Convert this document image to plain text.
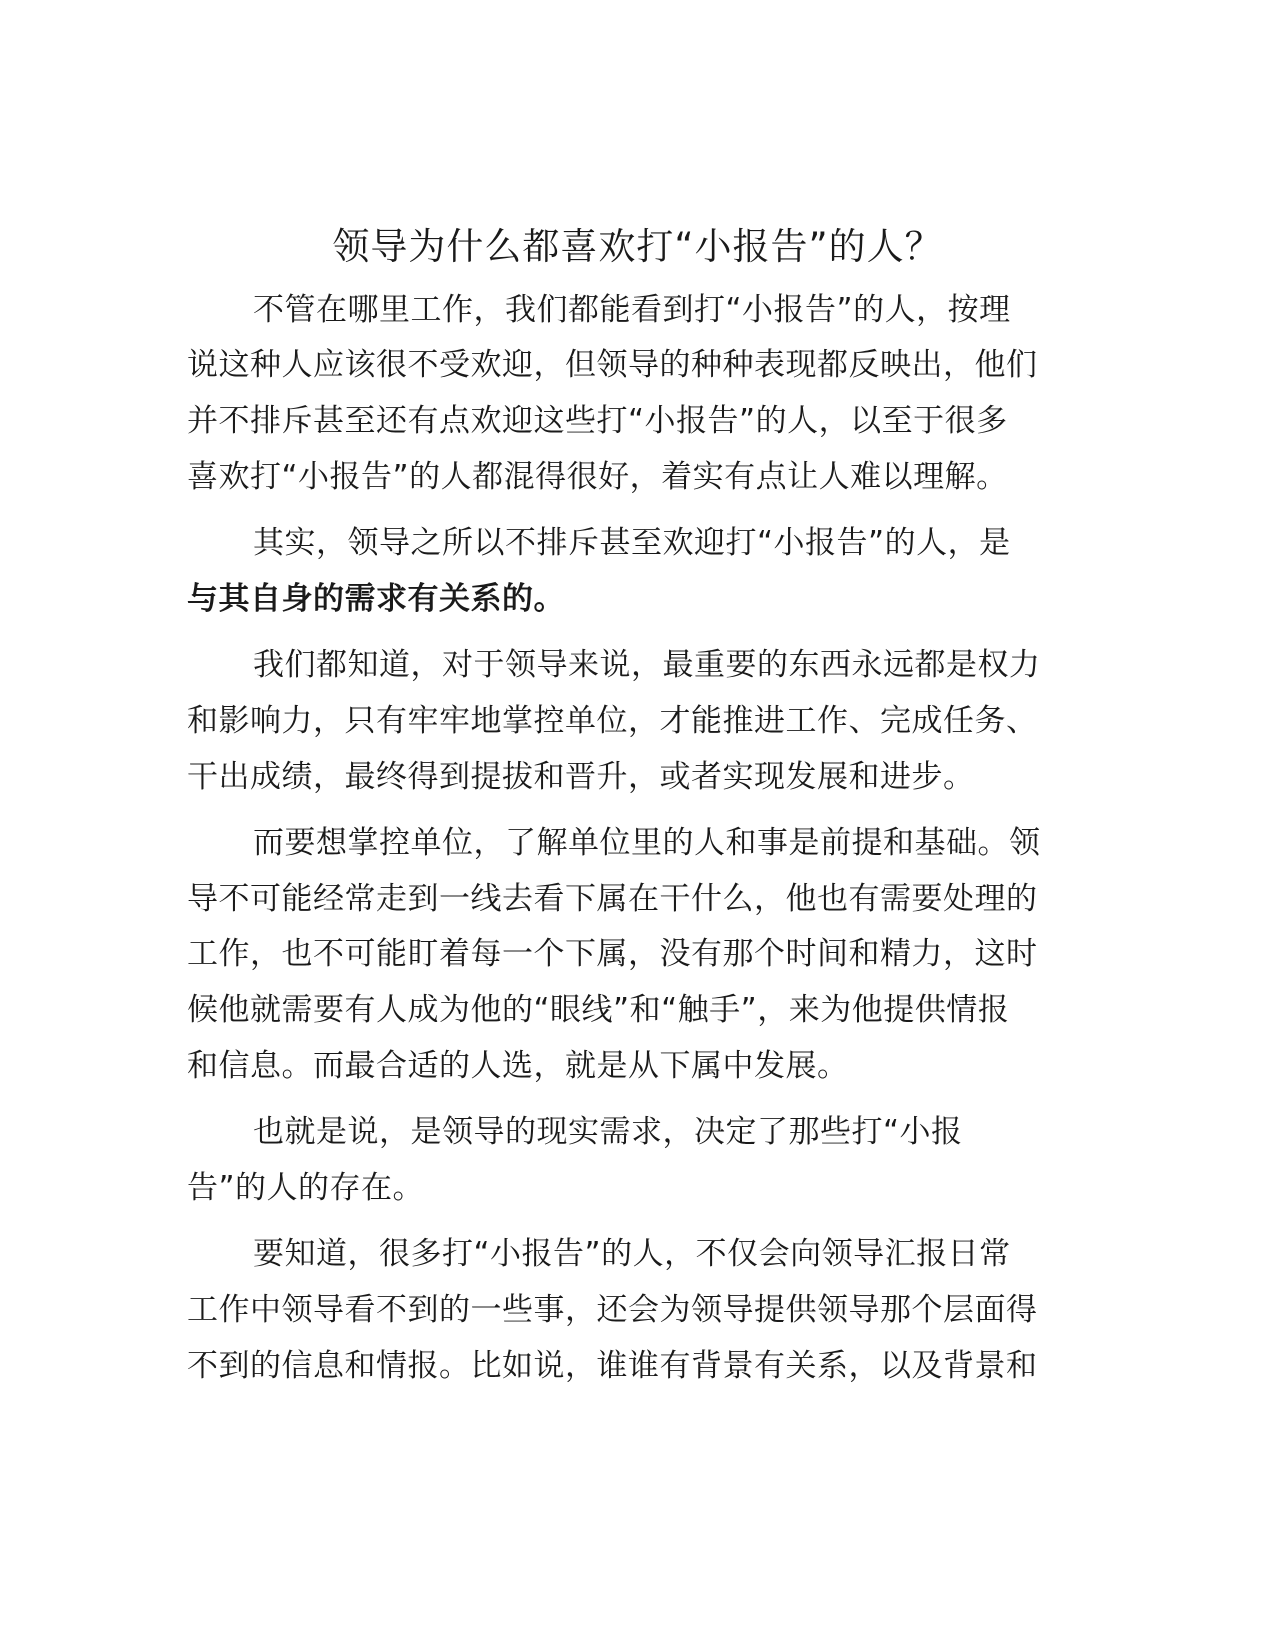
领导为什么都喜欢打“小报告”的人？
不管在哪里工作，我们都能看到打“小报告”的人，按理
说这种人应该很不受欢迎，但领导的种种表现都反映出，他们
并不排斥甚至还有点欢迎这些打“小报告”的人，以至于很多
喜欢打“小报告”的人都混得很好，着实有点让人难以理解。
其实，领导之所以不排斥甚至欢迎打“小报告”的人，是
与其自身的需求有关系的。
我们都知道，对于领导来说，最重要的东西永远都是权力
和影响力，只有牢牢地掌控单位，才能推进工作、完成任务、
干出成绩，最终得到提拔和晋升，或者实现发展和进步。
而要想掌控单位，了解单位里的人和事是前提和基础。领
导不可能经常走到一线去看下属在干什么，他也有需要处理的
工作，也不可能盯着每一个下属，没有那个时间和精力，这时
候他就需要有人成为他的“眼线”和“触手”，来为他提供情报
和信息。而最合适的人选，就是从下属中发展。
也就是说，是领导的现实需求，决定了那些打“小报
告”的人的存在。
要知道，很多打“小报告”的人，不仅会向领导汇报日常
工作中领导看不到的一些事，还会为领导提供领导那个层面得
不到的信息和情报。比如说，谁谁有背景有关系，以及背景和
